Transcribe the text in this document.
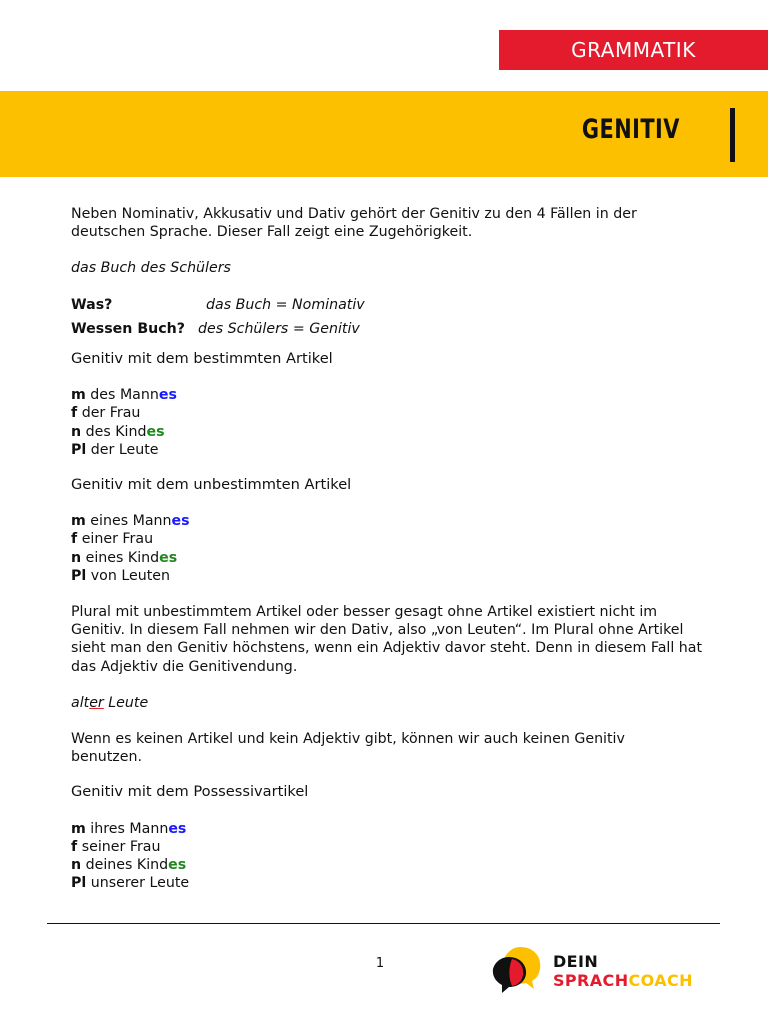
GRAMMATIK
GENITIV

Neben Nominativ, Akkusativ und Dativ gehört der Genitiv zu den 4 Fällen in der

deutschen Sprache. Dieser Fall zeigt eine Zugehörigkeit.

das Buch des Schülers

Was?	das Buch = Nominativ
Wessen Buch? des Schülers = Genitiv

Genitiv mit dem bestimmten Artikel

m des Mannes

f der Frau

n des Kindes

Pl der Leute

Genitiv mit dem unbestimmten Artikel

m eines Mannes

f einer Frau

n eines Kindes

Pl von Leuten

Plural mit unbestimmtem Artikel oder besser gesagt ohne Artikel existiert nicht im

Genitiv. In diesem Fall nehmen wir den Dativ, also „von Leuten“. Im Plural ohne Artikel

sieht man den Genitiv höchstens, wenn ein Adjektiv davor steht. Denn in diesem Fall hat

das Adjektiv die Genitivendung.

alter Leute

Wenn es keinen Artikel und kein Adjektiv gibt, können wir auch keinen Genitiv

benutzen.

Genitiv mit dem Possessivartikel

m ihres Mannes

f seiner Frau

n deines Kindes

Pl unserer Leute

1	DEIN
SPRACHCOACH
